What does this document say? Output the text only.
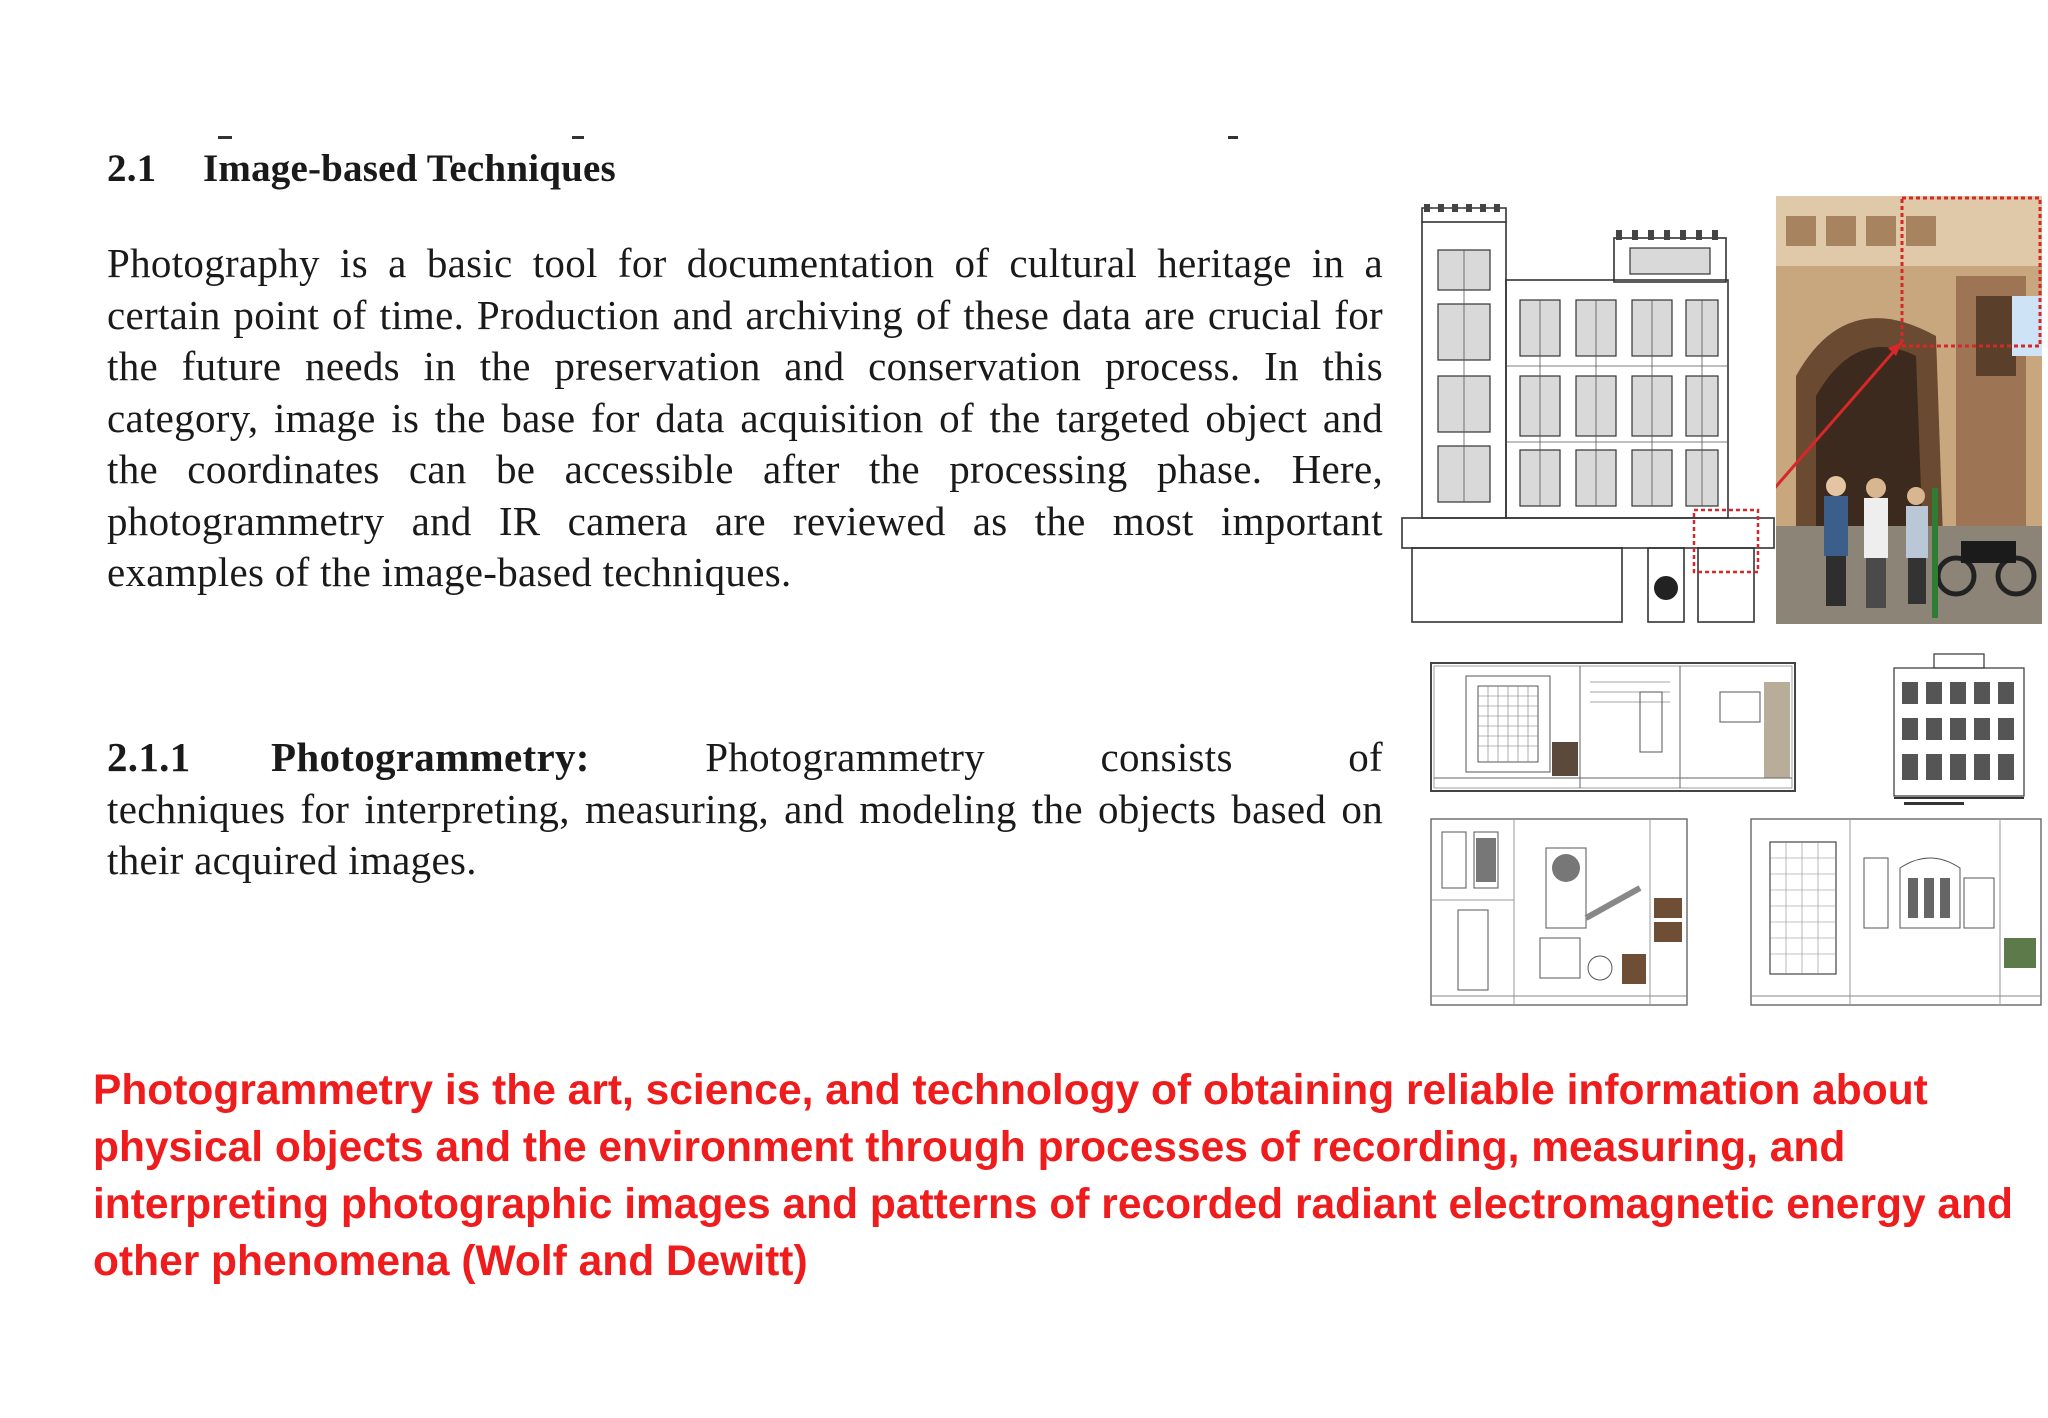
2.1 Image-based Techniques

Photography is a basic tool for documentation of cultural heritage in a certain point of time. Production and archiving of these data are crucial for the future needs in the preservation and conservation process. In this category, image is the base for data acquisition of the targeted object and the coordinates can be accessible after the processing phase. Here, photogrammetry and IR camera are reviewed as the most important examples of the image-based techniques.

2.1.1 Photogrammetry:	Photogrammetry	consists	of
techniques for interpreting, measuring, and modeling the objects based on their acquired images.

Photogrammetry is the art, science, and technology of obtaining reliable information about physical objects and the environment through processes of recording, measuring, and interpreting photographic images and patterns of recorded radiant electromagnetic energy and other phenomena (Wolf and Dewitt)
